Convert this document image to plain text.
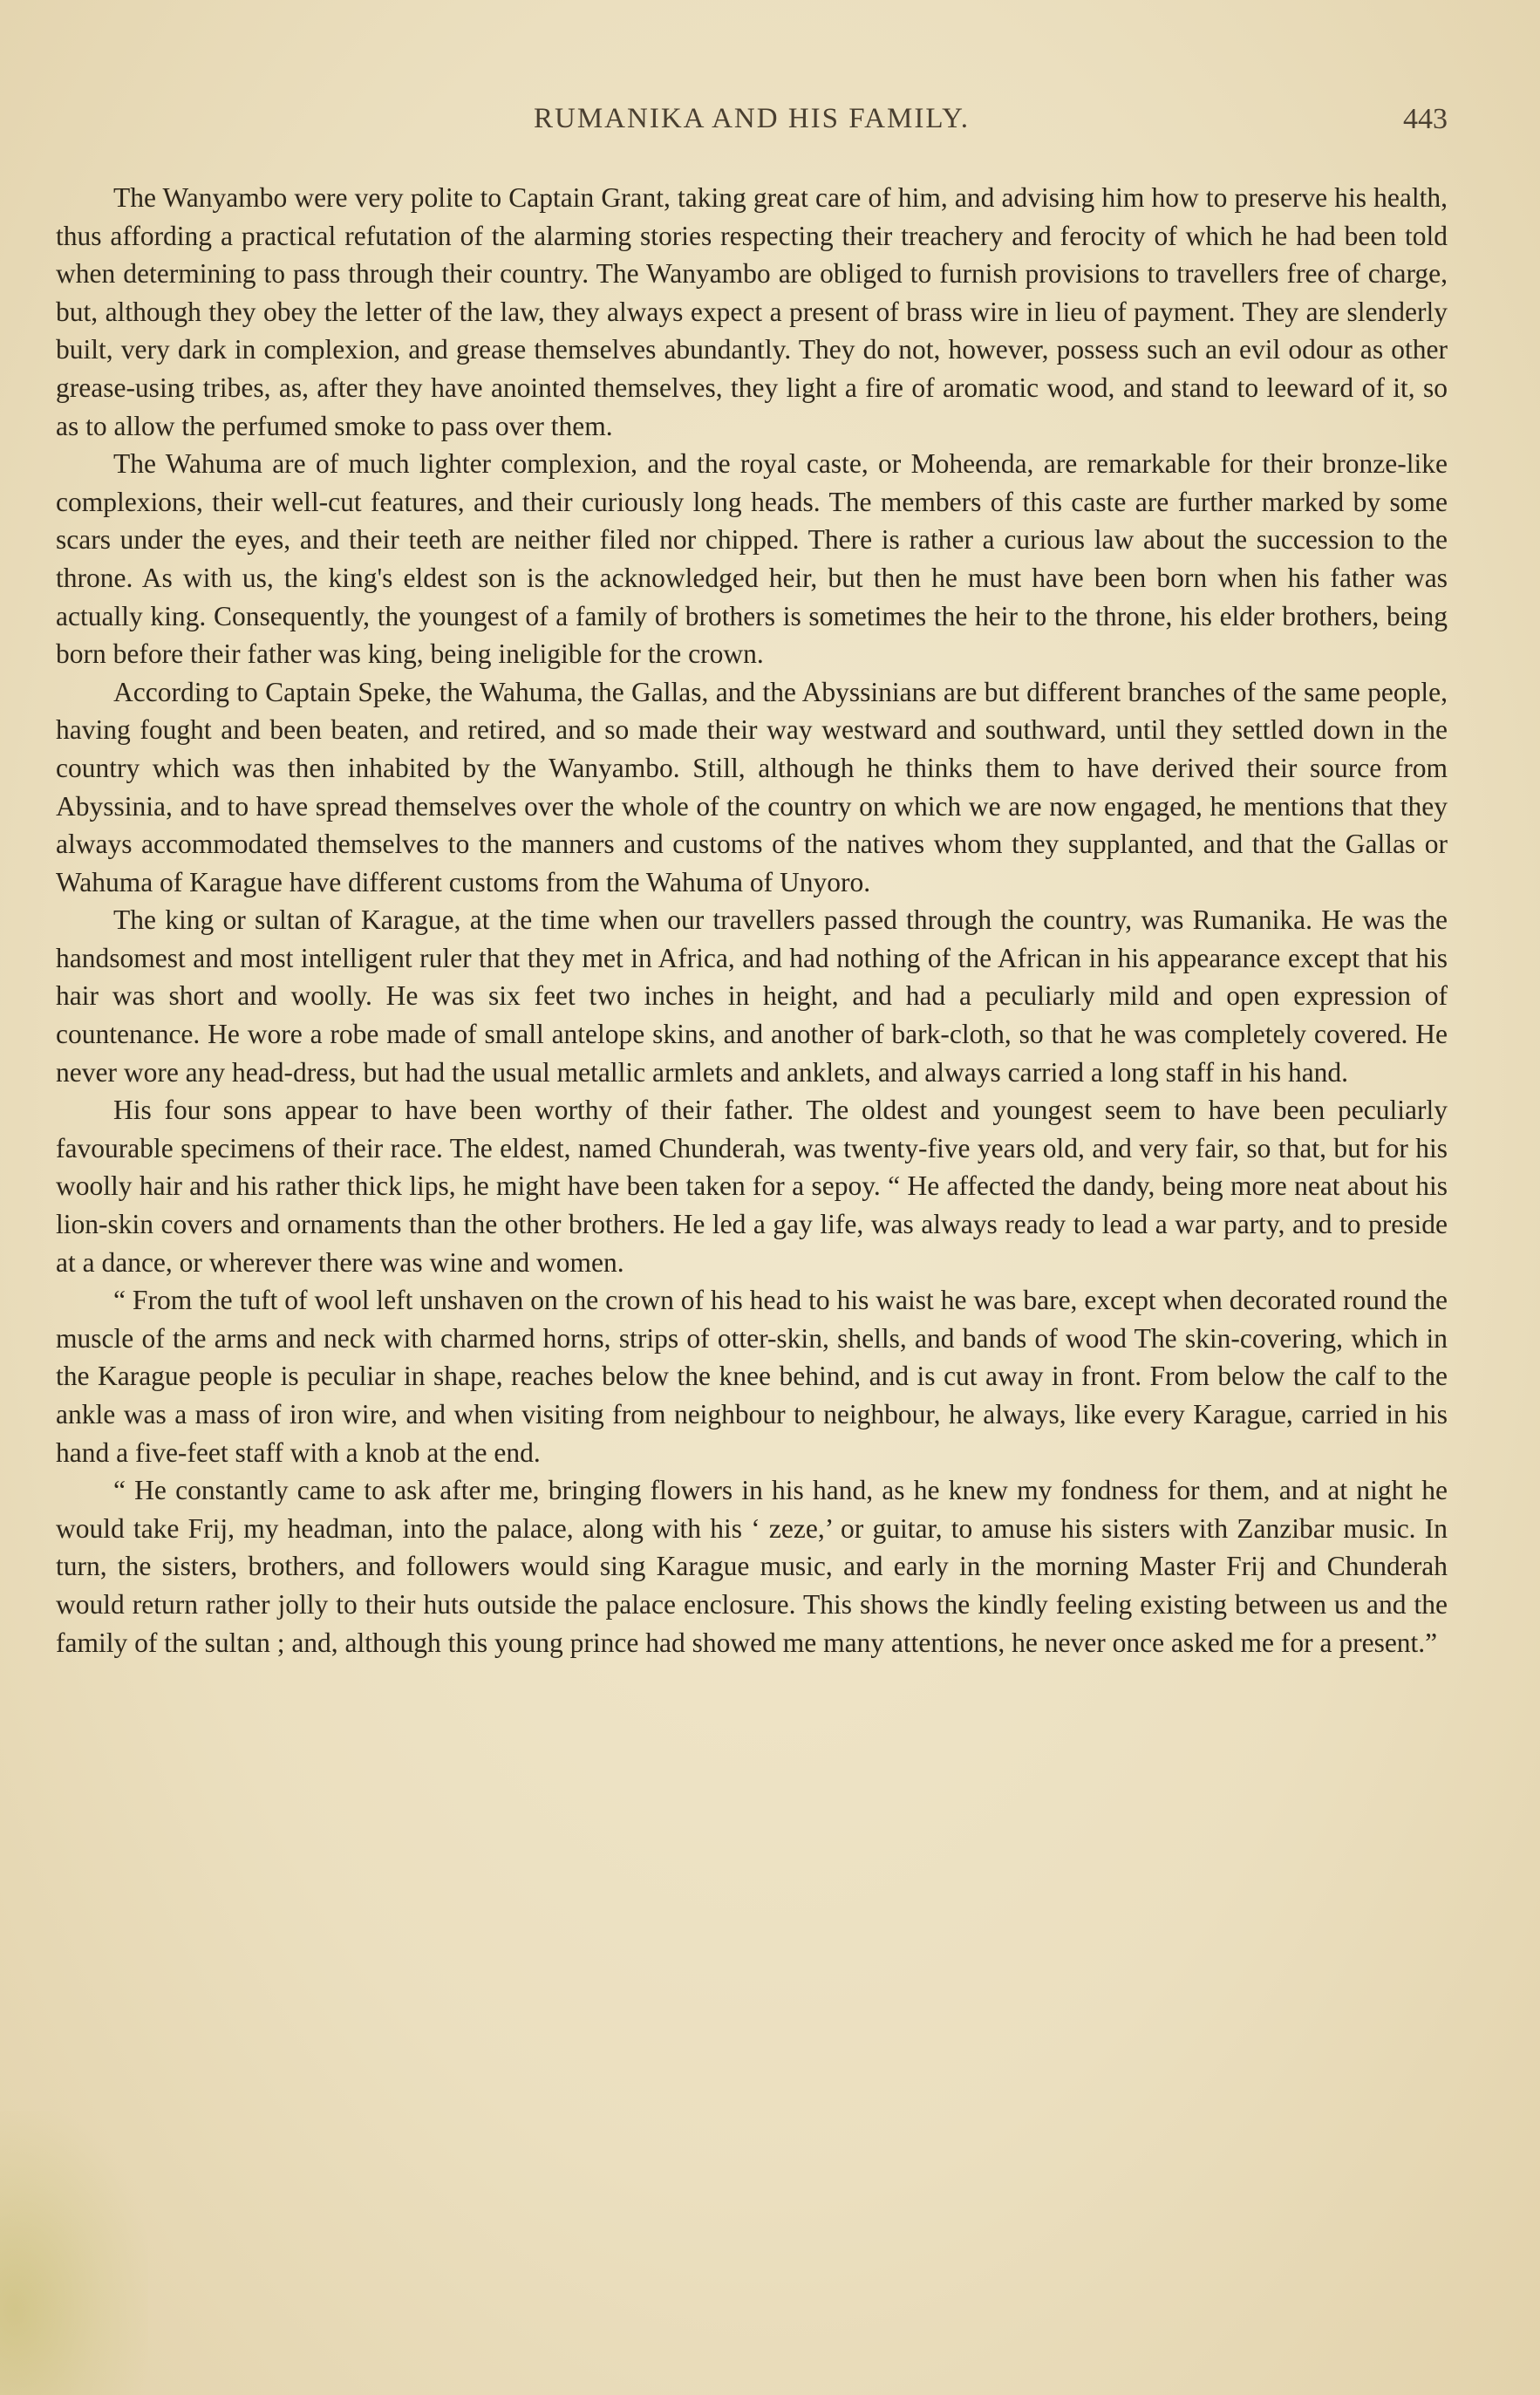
RUMANIKA AND HIS FAMILY.	443

The Wanyambo were very polite to Captain Grant, taking great care of him, and advising him how to preserve his health, thus affording a practical refutation of the alarming stories respecting their treachery and ferocity of which he had been told when determining to pass through their country. The Wanyambo are obliged to furnish provisions to travellers free of charge, but, although they obey the letter of the law, they always expect a present of brass wire in lieu of payment. They are slenderly built, very dark in complexion, and grease themselves abundantly. They do not, however, possess such an evil odour as other grease-using tribes, as, after they have anointed themselves, they light a fire of aromatic wood, and stand to leeward of it, so as to allow the perfumed smoke to pass over them.

The Wahuma are of much lighter complexion, and the royal caste, or Moheenda, are remarkable for their bronze-like complexions, their well-cut features, and their curiously long heads. The members of this caste are further marked by some scars under the eyes, and their teeth are neither filed nor chipped. There is rather a curious law about the succession to the throne. As with us, the king's eldest son is the acknowledged heir, but then he must have been born when his father was actually king. Consequently, the youngest of a family of brothers is sometimes the heir to the throne, his elder brothers, being born before their father was king, being ineligible for the crown.

According to Captain Speke, the Wahuma, the Gallas, and the Abyssinians are but different branches of the same people, having fought and been beaten, and retired, and so made their way westward and southward, until they settled down in the country which was then inhabited by the Wanyambo. Still, although he thinks them to have derived their source from Abyssinia, and to have spread themselves over the whole of the country on which we are now engaged, he mentions that they always accommodated themselves to the manners and customs of the natives whom they supplanted, and that the Gallas or Wahuma of Karague have different customs from the Wahuma of Unyoro.

The king or sultan of Karague, at the time when our travellers passed through the country, was Rumanika. He was the handsomest and most intelligent ruler that they met in Africa, and had nothing of the African in his appearance except that his hair was short and woolly. He was six feet two inches in height, and had a peculiarly mild and open expression of countenance. He wore a robe made of small antelope skins, and another of bark-cloth, so that he was completely covered. He never wore any head-dress, but had the usual metallic armlets and anklets, and always carried a long staff in his hand.

His four sons appear to have been worthy of their father. The oldest and youngest seem to have been peculiarly favourable specimens of their race. The eldest, named Chunderah, was twenty-five years old, and very fair, so that, but for his woolly hair and his rather thick lips, he might have been taken for a sepoy. “ He affected the dandy, being more neat about his lion-skin covers and ornaments than the other brothers. He led a gay life, was always ready to lead a war party, and to preside at a dance, or wherever there was wine and women.

“ From the tuft of wool left unshaven on the crown of his head to his waist he was bare, except when decorated round the muscle of the arms and neck with charmed horns, strips of otter-skin, shells, and bands of wood The skin-covering, which in the Karague people is peculiar in shape, reaches below the knee behind, and is cut away in front. From below the calf to the ankle was a mass of iron wire, and when visiting from neighbour to neighbour, he always, like every Karague, carried in his hand a five-feet staff with a knob at the end.

“ He constantly came to ask after me, bringing flowers in his hand, as he knew my fondness for them, and at night he would take Frij, my headman, into the palace, along with his ‘ zeze,’ or guitar, to amuse his sisters with Zanzibar music. In turn, the sisters, brothers, and followers would sing Karague music, and early in the morning Master Frij and Chunderah would return rather jolly to their huts outside the palace enclosure. This shows the kindly feeling existing between us and the family of the sultan ; and, although this young prince had showed me many attentions, he never once asked me for a present.”
